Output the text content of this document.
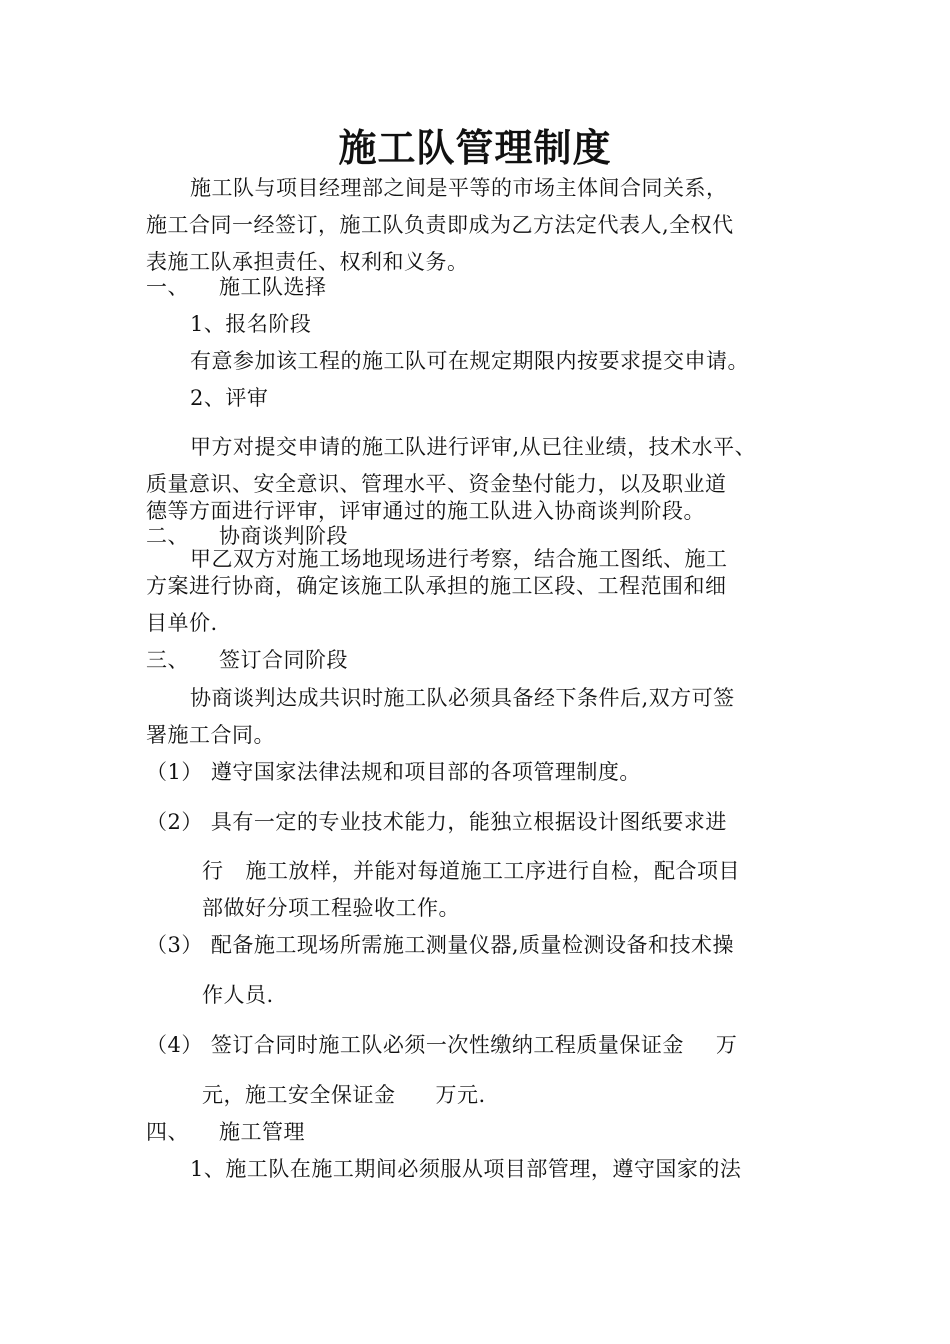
施工队管理制度
施工队与项目经理部之间是平等的市场主体间合同关系，
施工合同一经签订，施工队负责即成为乙方法定代表人,全权代
表施工队承担责任、权利和义务。
一、 施工队选择
1、报名阶段
有意参加该工程的施工队可在规定期限内按要求提交申请。
2、评审
甲方对提交申请的施工队进行评审,从已往业绩，技术水平、
质量意识、安全意识、管理水平、资金垫付能力，以及职业道
德等方面进行评审，评审通过的施工队进入协商谈判阶段。
二、 协商谈判阶段
甲乙双方对施工场地现场进行考察，结合施工图纸、施工
方案进行协商，确定该施工队承担的施工区段、工程范围和细
目单价.
三、 签订合同阶段
协商谈判达成共识时施工队必须具备经下条件后,双方可签
署施工合同。
（1） 遵守国家法律法规和项目部的各项管理制度。
（2） 具有一定的专业技术能力，能独立根据设计图纸要求进
行 施工放样，并能对每道施工工序进行自检，配合项目
部做好分项工程验收工作。
（3） 配备施工现场所需施工测量仪器,质量检测设备和技术操
作人员.
（4） 签订合同时施工队必须一次性缴纳工程质量保证金 万
元，施工安全保证金 万元.
四、 施工管理
1、施工队在施工期间必须服从项目部管理，遵守国家的法
